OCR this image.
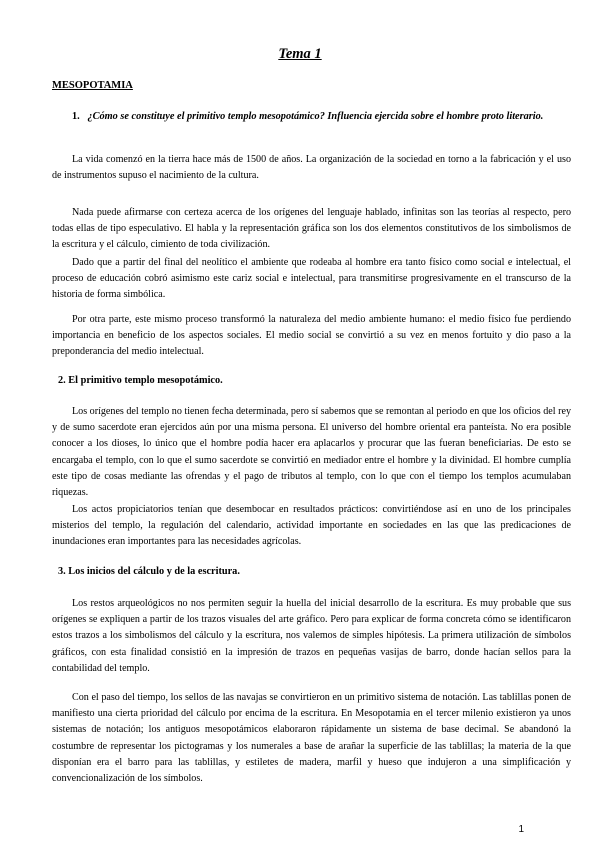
Tema 1

MESOPOTAMIA

1. ¿Cómo se constituye el primitivo templo mesopotámico? Influencia ejercida sobre el hombre proto literario.

La vida comenzó en la tierra hace más de 1500 de años. La organización de la sociedad en torno a la fabricación y el uso de instrumentos supuso el nacimiento de la cultura.

Nada puede afirmarse con certeza acerca de los orígenes del lenguaje hablado, infinitas son las teorías al respecto, pero todas ellas de tipo especulativo. El habla y la representación gráfica son los dos elementos constitutivos de los simbolismos de la escritura y el cálculo, cimiento de toda civilización.

Dado que a partir del final del neolítico el ambiente que rodeaba al hombre era tanto físico como social e intelectual, el proceso de educación cobró asimismo este cariz social e intelectual, para transmitirse progresivamente en el transcurso de la historia de forma simbólica.

Por otra parte, este mismo proceso transformó la naturaleza del medio ambiente humano: el medio físico fue perdiendo importancia en beneficio de los aspectos sociales. El medio social se convirtió a su vez en menos fortuito y dio paso a la preponderancia del medio intelectual.

2. El primitivo templo mesopotámico.

Los orígenes del templo no tienen fecha determinada, pero sí sabemos que se remontan al periodo en que los oficios del rey y de sumo sacerdote eran ejercidos aún por una misma persona. El universo del hombre oriental era panteísta. No era posible conocer a los dioses, lo único que el hombre podía hacer era aplacarlos y procurar que las fueran beneficiarias. De esto se encargaba el templo, con lo que el sumo sacerdote se convirtió en mediador entre el hombre y la divinidad. El hombre cumplía este tipo de cosas mediante las ofrendas y el pago de tributos al templo, con lo que con el tiempo los templos acumulaban riquezas.

Los actos propiciatorios tenían que desembocar en resultados prácticos: convirtiéndose así en uno de los principales misterios del templo, la regulación del calendario, actividad importante en sociedades en las que las predicaciones de inundaciones eran importantes para las necesidades agrícolas.

3. Los inicios del cálculo y de la escritura.

Los restos arqueológicos no nos permiten seguir la huella del inicial desarrollo de la escritura. Es muy probable que sus orígenes se expliquen a partir de los trazos visuales del arte gráfico. Pero para explicar de forma concreta cómo se identificaron estos trazos a los simbolismos del cálculo y la escritura, nos valemos de simples hipótesis. La primera utilización de símbolos gráficos, con esta finalidad consistió en la impresión de trazos en pequeñas vasijas de barro, donde hacían sellos para la contabilidad del templo.

Con el paso del tiempo, los sellos de las navajas se convirtieron en un primitivo sistema de notación. Las tablillas ponen de manifiesto una cierta prioridad del cálculo por encima de la escritura. En Mesopotamia en el tercer milenio existieron ya unos sistemas de notación; los antiguos mesopotámicos elaboraron rápidamente un sistema de base decimal. Se abandonó la costumbre de representar los pictogramas y los numerales a base de arañar la superficie de las tablillas; la materia de la que disponían era el barro para las tablillas, y estiletes de madera, marfil y hueso que indujeron a una simplificación y convencionalización de los símbolos.

1
